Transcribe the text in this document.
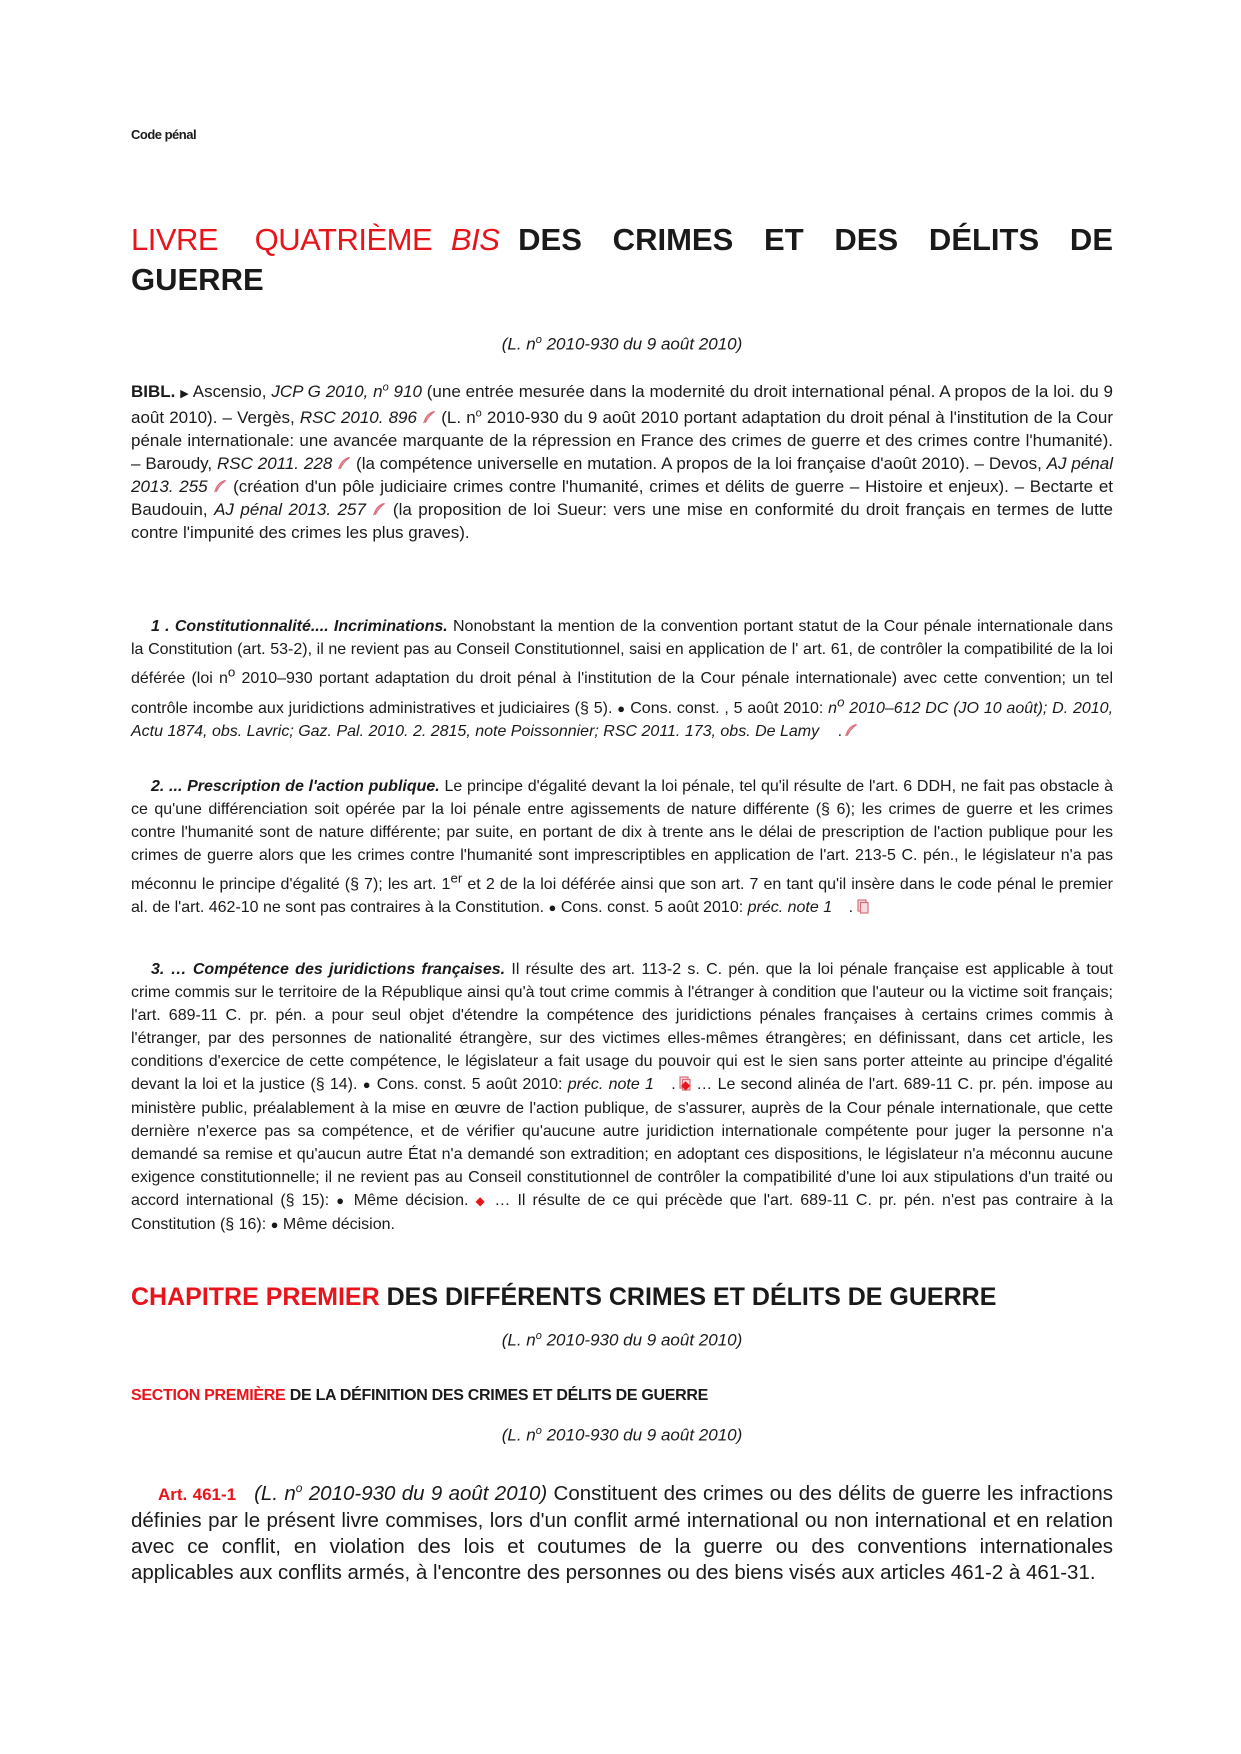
Code pénal
LIVRE  QUATRIÈME BIS DES CRIMES ET DES DÉLITS DE GUERRE
(L. $n^o$ 2010-930 du 9 août 2010)
BIBL. ▶ Ascensio, JCP G 2010, $n^o$ 910 (une entrée mesurée dans la modernité du droit international pénal. A propos de la loi. du 9 août 2010). – Vergès, RSC 2010. 896  (L. $n^o$ 2010-930 du 9 août 2010 portant adaptation du droit pénal à l'institution de la Cour pénale internationale: une avancée marquante de la répression en France des crimes de guerre et des crimes contre l'humanité). – Baroudy, RSC 2011. 228  (la compétence universelle en mutation. A propos de la loi française d'août 2010). – Devos, AJ pénal 2013. 255  (création d'un pôle judiciaire crimes contre l'humanité, crimes et délits de guerre – Histoire et enjeux). – Bectarte et Baudouin, AJ pénal 2013. 257  (la proposition de loi Sueur: vers une mise en conformité du droit français en termes de lutte contre l'impunité des crimes les plus graves).
1 . Constitutionnalité.... Incriminations. Nonobstant la mention de la convention portant statut de la Cour pénale internationale dans la Constitution (art. 53-2), il ne revient pas au Conseil Constitutionnel, saisi en application de l' art. 61, de contrôler la compatibilité de la loi déférée (loi $n^o$ 2010–930 portant adaptation du droit pénal à l'institution de la Cour pénale internationale) avec cette convention; un tel contrôle incombe aux juridictions administratives et judiciaires (§ 5). ● Cons. const. , 5 août 2010: $n^o$ 2010–612 DC (JO 10 août); D. 2010, Actu 1874, obs. Lavric; Gaz. Pal. 2010. 2. 2815, note Poissonnier; RSC 2011. 173, obs. De Lamy .
2. ... Prescription de l'action publique. Le principe d'égalité devant la loi pénale, tel qu'il résulte de l'art. 6 DDH, ne fait pas obstacle à ce qu'une différenciation soit opérée par la loi pénale entre agissements de nature différente (§ 6); les crimes de guerre et les crimes contre l'humanité sont de nature différente; par suite, en portant de dix à trente ans le délai de prescription de l'action publique pour les crimes de guerre alors que les crimes contre l'humanité sont imprescriptibles en application de l'art. 213-5 C. pén., le législateur n'a pas méconnu le principe d'égalité (§ 7); les art. 1er et 2 de la loi déférée ainsi que son art. 7 en tant qu'il insère dans le code pénal le premier al. de l'art. 462-10 ne sont pas contraires à la Constitution. ● Cons. const. 5 août 2010: préc. note 1 .
3. … Compétence des juridictions françaises. Il résulte des art. 113-2 s. C. pén. que la loi pénale française est applicable à tout crime commis sur le territoire de la République ainsi qu'à tout crime commis à l'étranger à condition que l'auteur ou la victime soit français; l'art. 689-11 C. pr. pén. a pour seul objet d'étendre la compétence des juridictions pénales françaises à certains crimes commis à l'étranger, par des personnes de nationalité étrangère, sur des victimes elles-mêmes étrangères; en définissant, dans cet article, les conditions d'exercice de cette compétence, le législateur a fait usage du pouvoir qui est le sien sans porter atteinte au principe d'égalité devant la loi et la justice (§ 14). ● Cons. const. 5 août 2010: préc. note 1 . ◆ … Le second alinéa de l'art. 689-11 C. pr. pén. impose au ministère public, préalablement à la mise en œuvre de l'action publique, de s'assurer, auprès de la Cour pénale internationale, que cette dernière n'exerce pas sa compétence, et de vérifier qu'aucune autre juridiction internationale compétente pour juger la personne n'a demandé sa remise et qu'aucun autre État n'a demandé son extradition; en adoptant ces dispositions, le législateur n'a méconnu aucune exigence constitutionnelle; il ne revient pas au Conseil constitutionnel de contrôler la compatibilité d'une loi aux stipulations d'un traité ou accord international (§ 15): ● Même décision. ◆ … Il résulte de ce qui précède que l'art. 689-11 C. pr. pén. n'est pas contraire à la Constitution (§ 16): ● Même décision.
CHAPITRE PREMIER DES DIFFÉRENTS CRIMES ET DÉLITS DE GUERRE
(L. $n^o$ 2010-930 du 9 août 2010)
SECTION PREMIÈRE DE LA DÉFINITION DES CRIMES ET DÉLITS DE GUERRE
(L. $n^o$ 2010-930 du 9 août 2010)
Art. 461-1 (L. $n^o$ 2010-930 du 9 août 2010) Constituent des crimes ou des délits de guerre les infractions définies par le présent livre commises, lors d'un conflit armé international ou non international et en relation avec ce conflit, en violation des lois et coutumes de la guerre ou des conventions internationales applicables aux conflits armés, à l'encontre des personnes ou des biens visés aux articles 461-2 à 461-31.
